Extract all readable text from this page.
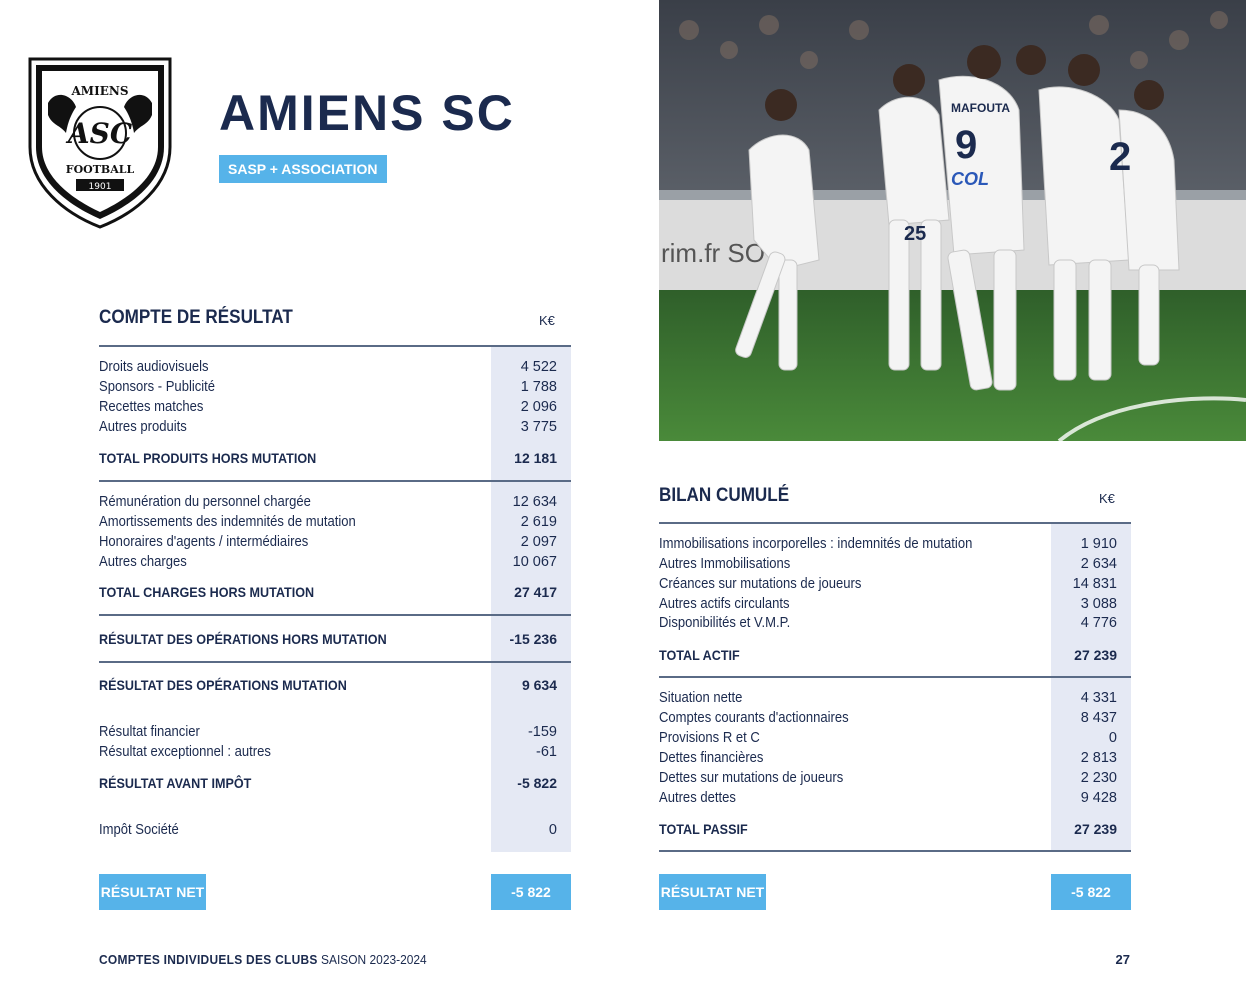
AMIENS
ASC
FOOTBALL
1901
AMIENS SC
SASP + ASSOCIATION
rim.fr SO
MAFOUTA
9
25
2
COL
COMPTE DE RÉSULTAT	K€
Droits audiovisuels	4 522
Sponsors - Publicité	1 788
Recettes matches	2 096
Autres produits	3 775
TOTAL PRODUITS HORS MUTATION	12 181
Rémunération du personnel chargée	12 634
Amortissements des indemnités de mutation	2 619
Honoraires d'agents / intermédiaires	2 097
Autres charges	10 067
TOTAL CHARGES HORS MUTATION	27 417
RÉSULTAT DES OPÉRATIONS HORS MUTATION	-15 236
RÉSULTAT DES OPÉRATIONS MUTATION	9 634
Résultat financier	-159
Résultat exceptionnel : autres	-61
RÉSULTAT AVANT IMPÔT	-5 822
Impôt Société	0
RÉSULTAT NET	-5 822
BILAN CUMULÉ	K€
Immobilisations incorporelles : indemnités de mutation	1 910
Autres Immobilisations	2 634
Créances sur mutations de joueurs	14 831
Autres actifs circulants	3 088
Disponibilités et V.M.P.	4 776
TOTAL ACTIF	27 239
Situation nette	4 331
Comptes courants d'actionnaires	8 437
Provisions R et C	0
Dettes financières	2 813
Dettes sur mutations de joueurs	2 230
Autres dettes	9 428
TOTAL PASSIF	27 239
RÉSULTAT NET	-5 822
COMPTES INDIVIDUELS DES CLUBS SAISON 2023-2024	27
